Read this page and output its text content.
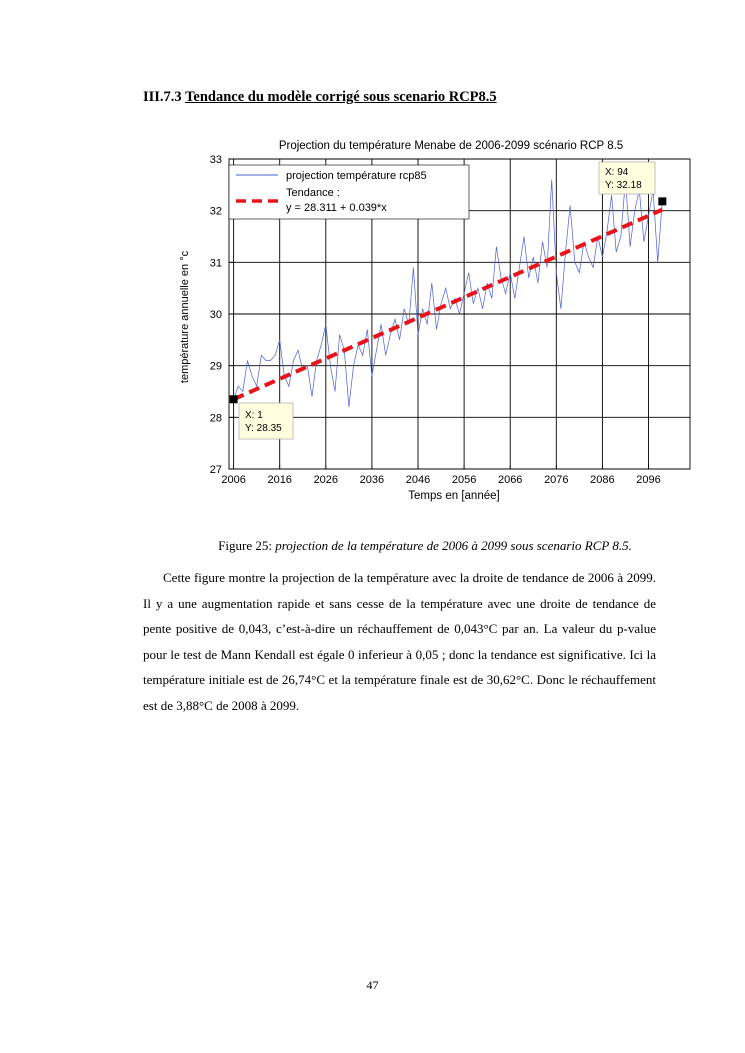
III.7.3 Tendance du modèle corrigé sous scenario RCP8.5
Projection du température Menabe de 2006-2099 scénario RCP 8.5
2006 2016 2026 2036 2046 2056 2066 2076 2086 2096
27
28
29
30
31
32
33
projection température rcp85
Tendance :
y = 28.311 + 0.039*x
X: 1
Y: 28.35
X: 94
Y: 32.18
Temps en [année]
température annuelle en °c
Figure 25: projection de la température de 2006 à 2099 sous scenario RCP 8.5.

Cette figure montre la projection de la température avec la droite de tendance de 2006 à 2099. Il y a une augmentation rapide et sans cesse de la température avec une droite de tendance de pente positive de 0,043, c’est-à-dire un réchauffement de 0,043°C par an. La valeur du p-value pour le test de Mann Kendall est égale 0 inferieur à 0,05 ; donc la tendance est significative. Ici la température initiale est de 26,74°C et la température finale est de 30,62°C. Donc le réchauffement est de 3,88°C de 2008 à 2099.

47
